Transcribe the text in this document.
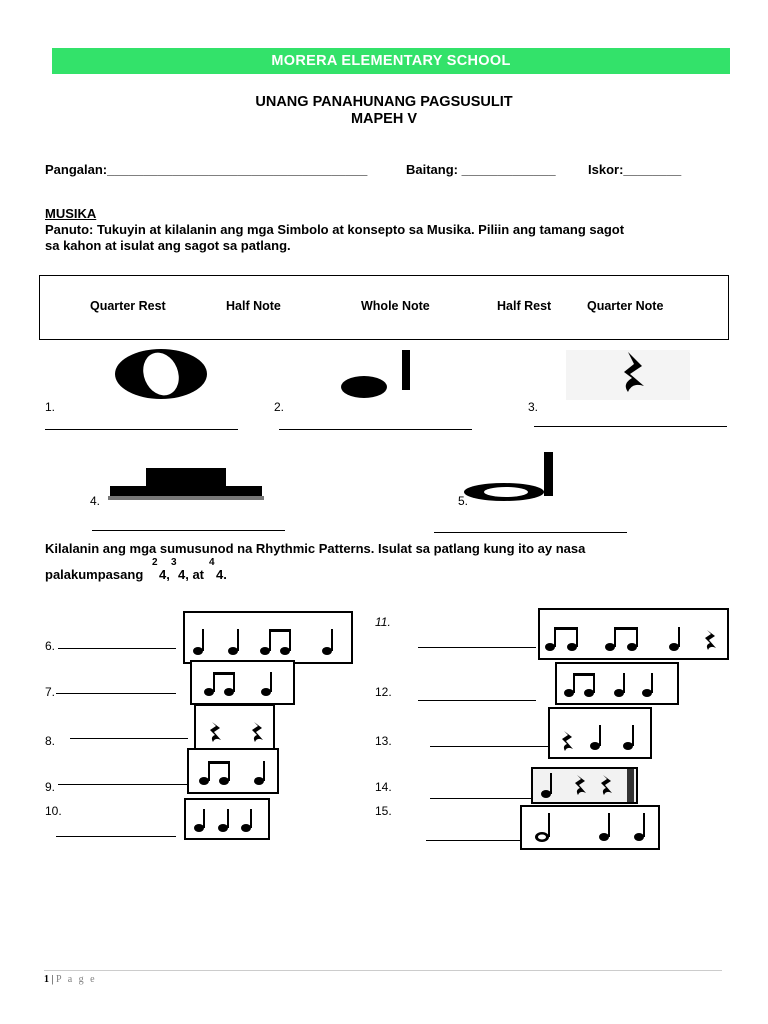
MORERA ELEMENTARY SCHOOL
UNANG PANAHUNANG PAGSUSULIT
MAPEH V
Pangalan:____________________________________	Baitang: _____________ Iskor:________
MUSIKA
Panuto: Tukuyin at kilalanin ang mga Simbolo at konsepto sa Musika. Piliin ang tamang sagot
sa kahon at isulat ang sagot sa patlang.
Quarter Rest	Half Note	Whole Note	Half Rest	Quarter Note
1.	2.	3.
4.	5.
Kilalanin ang mga sumusunod na Rhythmic Patterns. Isulat sa patlang kung ito ay nasa
palakumpasang
2
4,
3
4, at
4
4.
6.
7.
8.
9.
10.
11.
12.
13.
14.
15.
1 | P a g e
